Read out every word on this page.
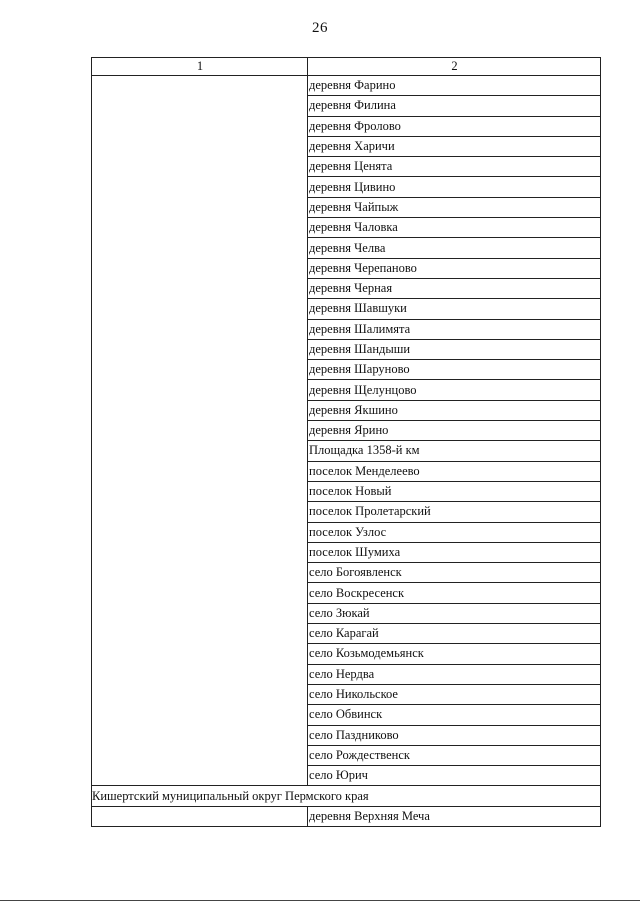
26
1	2
	деревня Фарино
	деревня Филина
	деревня Фролово
	деревня Харичи
	деревня Ценята
	деревня Цивино
	деревня Чайпыж
	деревня Чаловка
	деревня Челва
	деревня Черепаново
	деревня Черная
	деревня Шавшуки
	деревня Шалимята
	деревня Шандыши
	деревня Шаруново
	деревня Щелунцово
	деревня Якшино
	деревня Ярино
	Площадка 1358-й км
	поселок Менделеево
	поселок Новый
	поселок Пролетарский
	поселок Узлос
	поселок Шумиха
	село Богоявленск
	село Воскресенск
	село Зюкай
	село Карагай
	село Козьмодемьянск
	село Нердва
	село Никольское
	село Обвинск
	село Паздниково
	село Рождественск
	село Юрич
Кишертский муниципальный округ Пермского края	
	деревня Верхняя Меча
